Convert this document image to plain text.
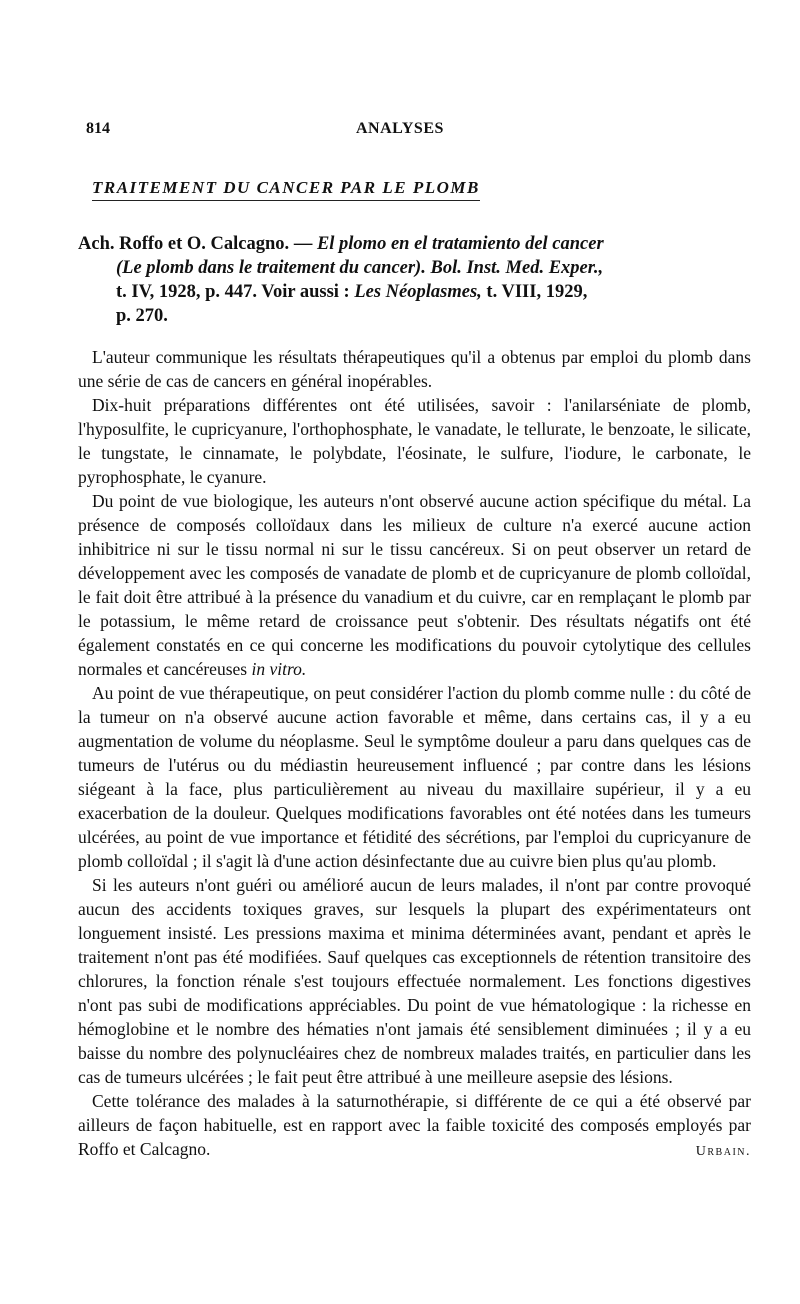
814	ANALYSES
TRAITEMENT DU CANCER PAR LE PLOMB
Ach. Roffo et O. Calcagno. — El plomo en el tratamiento del cancer
(Le plomb dans le traitement du cancer). Bol. Inst. Med. Exper.,
t. IV, 1928, p. 447. Voir aussi : Les Néoplasmes, t. VIII, 1929,
p. 270.

L'auteur communique les résultats thérapeutiques qu'il a obtenus par emploi du plomb dans une série de cas de cancers en général inopérables.

Dix-huit préparations différentes ont été utilisées, savoir : l'anilarséniate de plomb, l'hyposulfite, le cupricyanure, l'orthophosphate, le vanadate, le tellurate, le benzoate, le silicate, le tungstate, le cinnamate, le polybdate, l'éosinate, le sulfure, l'iodure, le carbonate, le pyrophosphate, le cyanure.

Du point de vue biologique, les auteurs n'ont observé aucune action spécifique du métal. La présence de composés colloïdaux dans les milieux de culture n'a exercé aucune action inhibitrice ni sur le tissu normal ni sur le tissu cancéreux. Si on peut observer un retard de développement avec les composés de vanadate de plomb et de cupricyanure de plomb colloïdal, le fait doit être attribué à la présence du vanadium et du cuivre, car en remplaçant le plomb par le potassium, le même retard de croissance peut s'obtenir. Des résultats négatifs ont été également constatés en ce qui concerne les modifications du pouvoir cytolytique des cellules normales et cancéreuses in vitro.

Au point de vue thérapeutique, on peut considérer l'action du plomb comme nulle : du côté de la tumeur on n'a observé aucune action favorable et même, dans certains cas, il y a eu augmentation de volume du néoplasme. Seul le symptôme douleur a paru dans quelques cas de tumeurs de l'utérus ou du médiastin heureusement influencé ; par contre dans les lésions siégeant à la face, plus particulièrement au niveau du maxillaire supérieur, il y a eu exacerbation de la douleur. Quelques modifications favorables ont été notées dans les tumeurs ulcérées, au point de vue importance et fétidité des sécrétions, par l'emploi du cupricyanure de plomb colloïdal ; il s'agit là d'une action désinfectante due au cuivre bien plus qu'au plomb.

Si les auteurs n'ont guéri ou amélioré aucun de leurs malades, il n'ont par contre provoqué aucun des accidents toxiques graves, sur lesquels la plupart des expérimentateurs ont longuement insisté. Les pressions maxima et minima déterminées avant, pendant et après le traitement n'ont pas été modifiées. Sauf quelques cas exceptionnels de rétention transitoire des chlorures, la fonction rénale s'est toujours effectuée normalement. Les fonctions digestives n'ont pas subi de modifications appréciables. Du point de vue hématologique : la richesse en hémoglobine et le nombre des hématies n'ont jamais été sensiblement diminuées ; il y a eu baisse du nombre des polynucléaires chez de nombreux malades traités, en particulier dans les cas de tumeurs ulcérées ; le fait peut être attribué à une meilleure asepsie des lésions.

Cette tolérance des malades à la saturnothérapie, si différente de ce qui a été observé par ailleurs de façon habituelle, est en rapport avec la faible toxicité des composés employés par Roffo et Calcagno.	Urbain.
